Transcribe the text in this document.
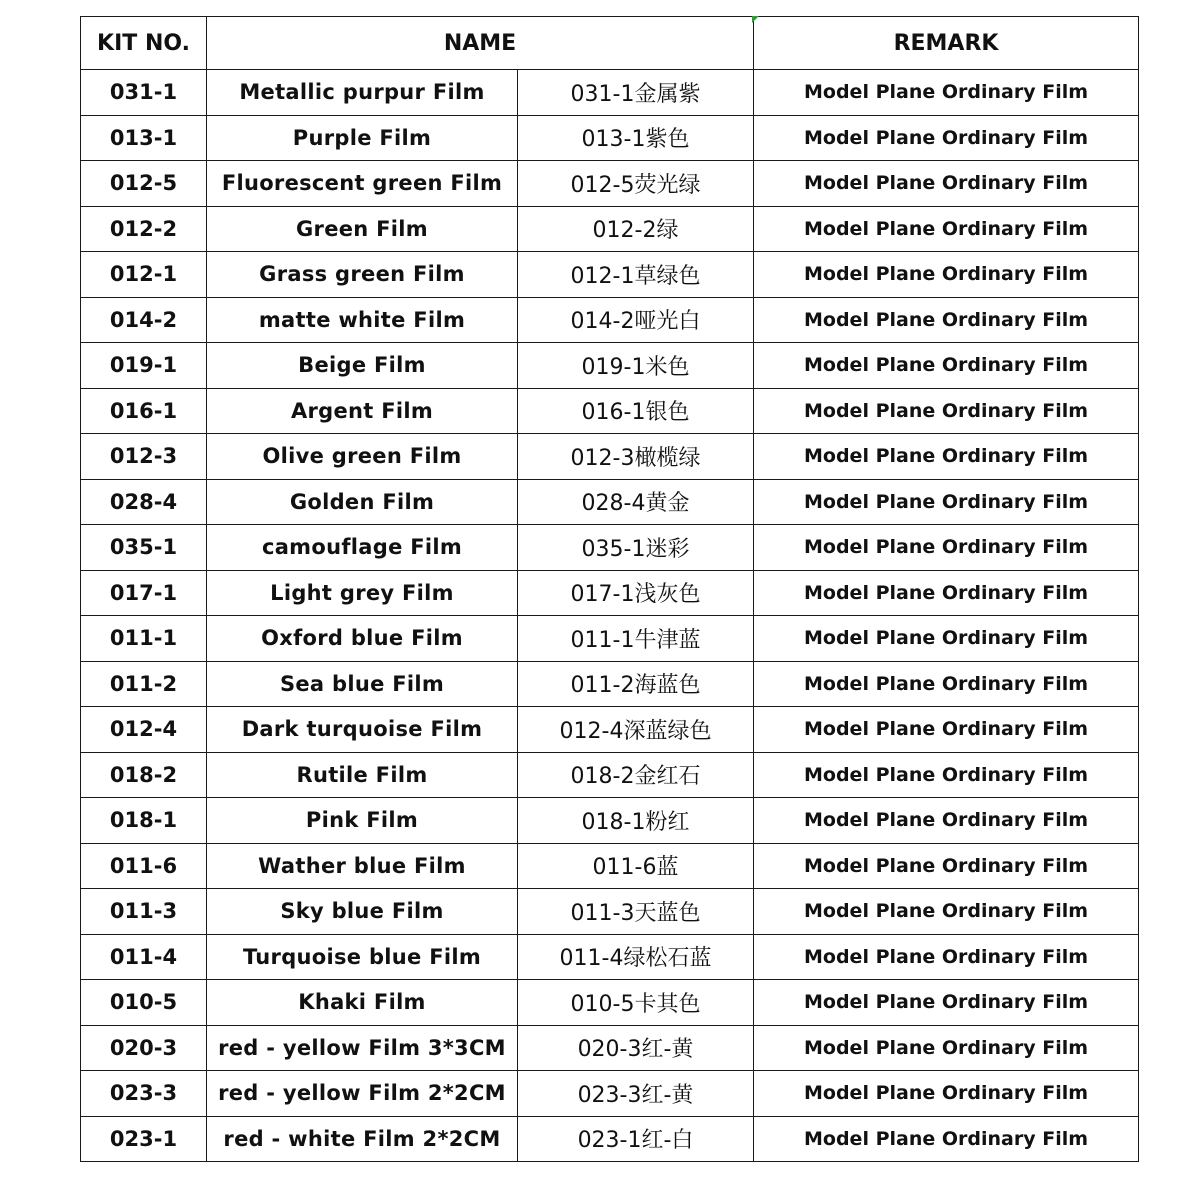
KIT NO.	NAME		REMARK
031-1	Metallic purpur Film	031-1金属紫	Model Plane Ordinary Film
013-1	Purple Film	013-1紫色	Model Plane Ordinary Film
012-5	Fluorescent green Film	012-5荧光绿	Model Plane Ordinary Film
012-2	Green Film	012-2绿	Model Plane Ordinary Film
012-1	Grass green Film	012-1草绿色	Model Plane Ordinary Film
014-2	matte white Film	014-2哑光白	Model Plane Ordinary Film
019-1	Beige Film	019-1米色	Model Plane Ordinary Film
016-1	Argent Film	016-1银色	Model Plane Ordinary Film
012-3	Olive green Film	012-3橄榄绿	Model Plane Ordinary Film
028-4	Golden Film	028-4黄金	Model Plane Ordinary Film
035-1	camouflage Film	035-1迷彩	Model Plane Ordinary Film
017-1	Light grey Film	017-1浅灰色	Model Plane Ordinary Film
011-1	Oxford blue Film	011-1牛津蓝	Model Plane Ordinary Film
011-2	Sea blue Film	011-2海蓝色	Model Plane Ordinary Film
012-4	Dark turquoise Film	012-4深蓝绿色	Model Plane Ordinary Film
018-2	Rutile Film	018-2金红石	Model Plane Ordinary Film
018-1	Pink Film	018-1粉红	Model Plane Ordinary Film
011-6	Wather blue Film	011-6蓝	Model Plane Ordinary Film
011-3	Sky blue Film	011-3天蓝色	Model Plane Ordinary Film
011-4	Turquoise blue Film	011-4绿松石蓝	Model Plane Ordinary Film
010-5	Khaki Film	010-5卡其色	Model Plane Ordinary Film
020-3	red - yellow Film 3*3CM	020-3红-黄	Model Plane Ordinary Film
023-3	red - yellow Film 2*2CM	023-3红-黄	Model Plane Ordinary Film
023-1	red - white Film 2*2CM	023-1红-白	Model Plane Ordinary Film
